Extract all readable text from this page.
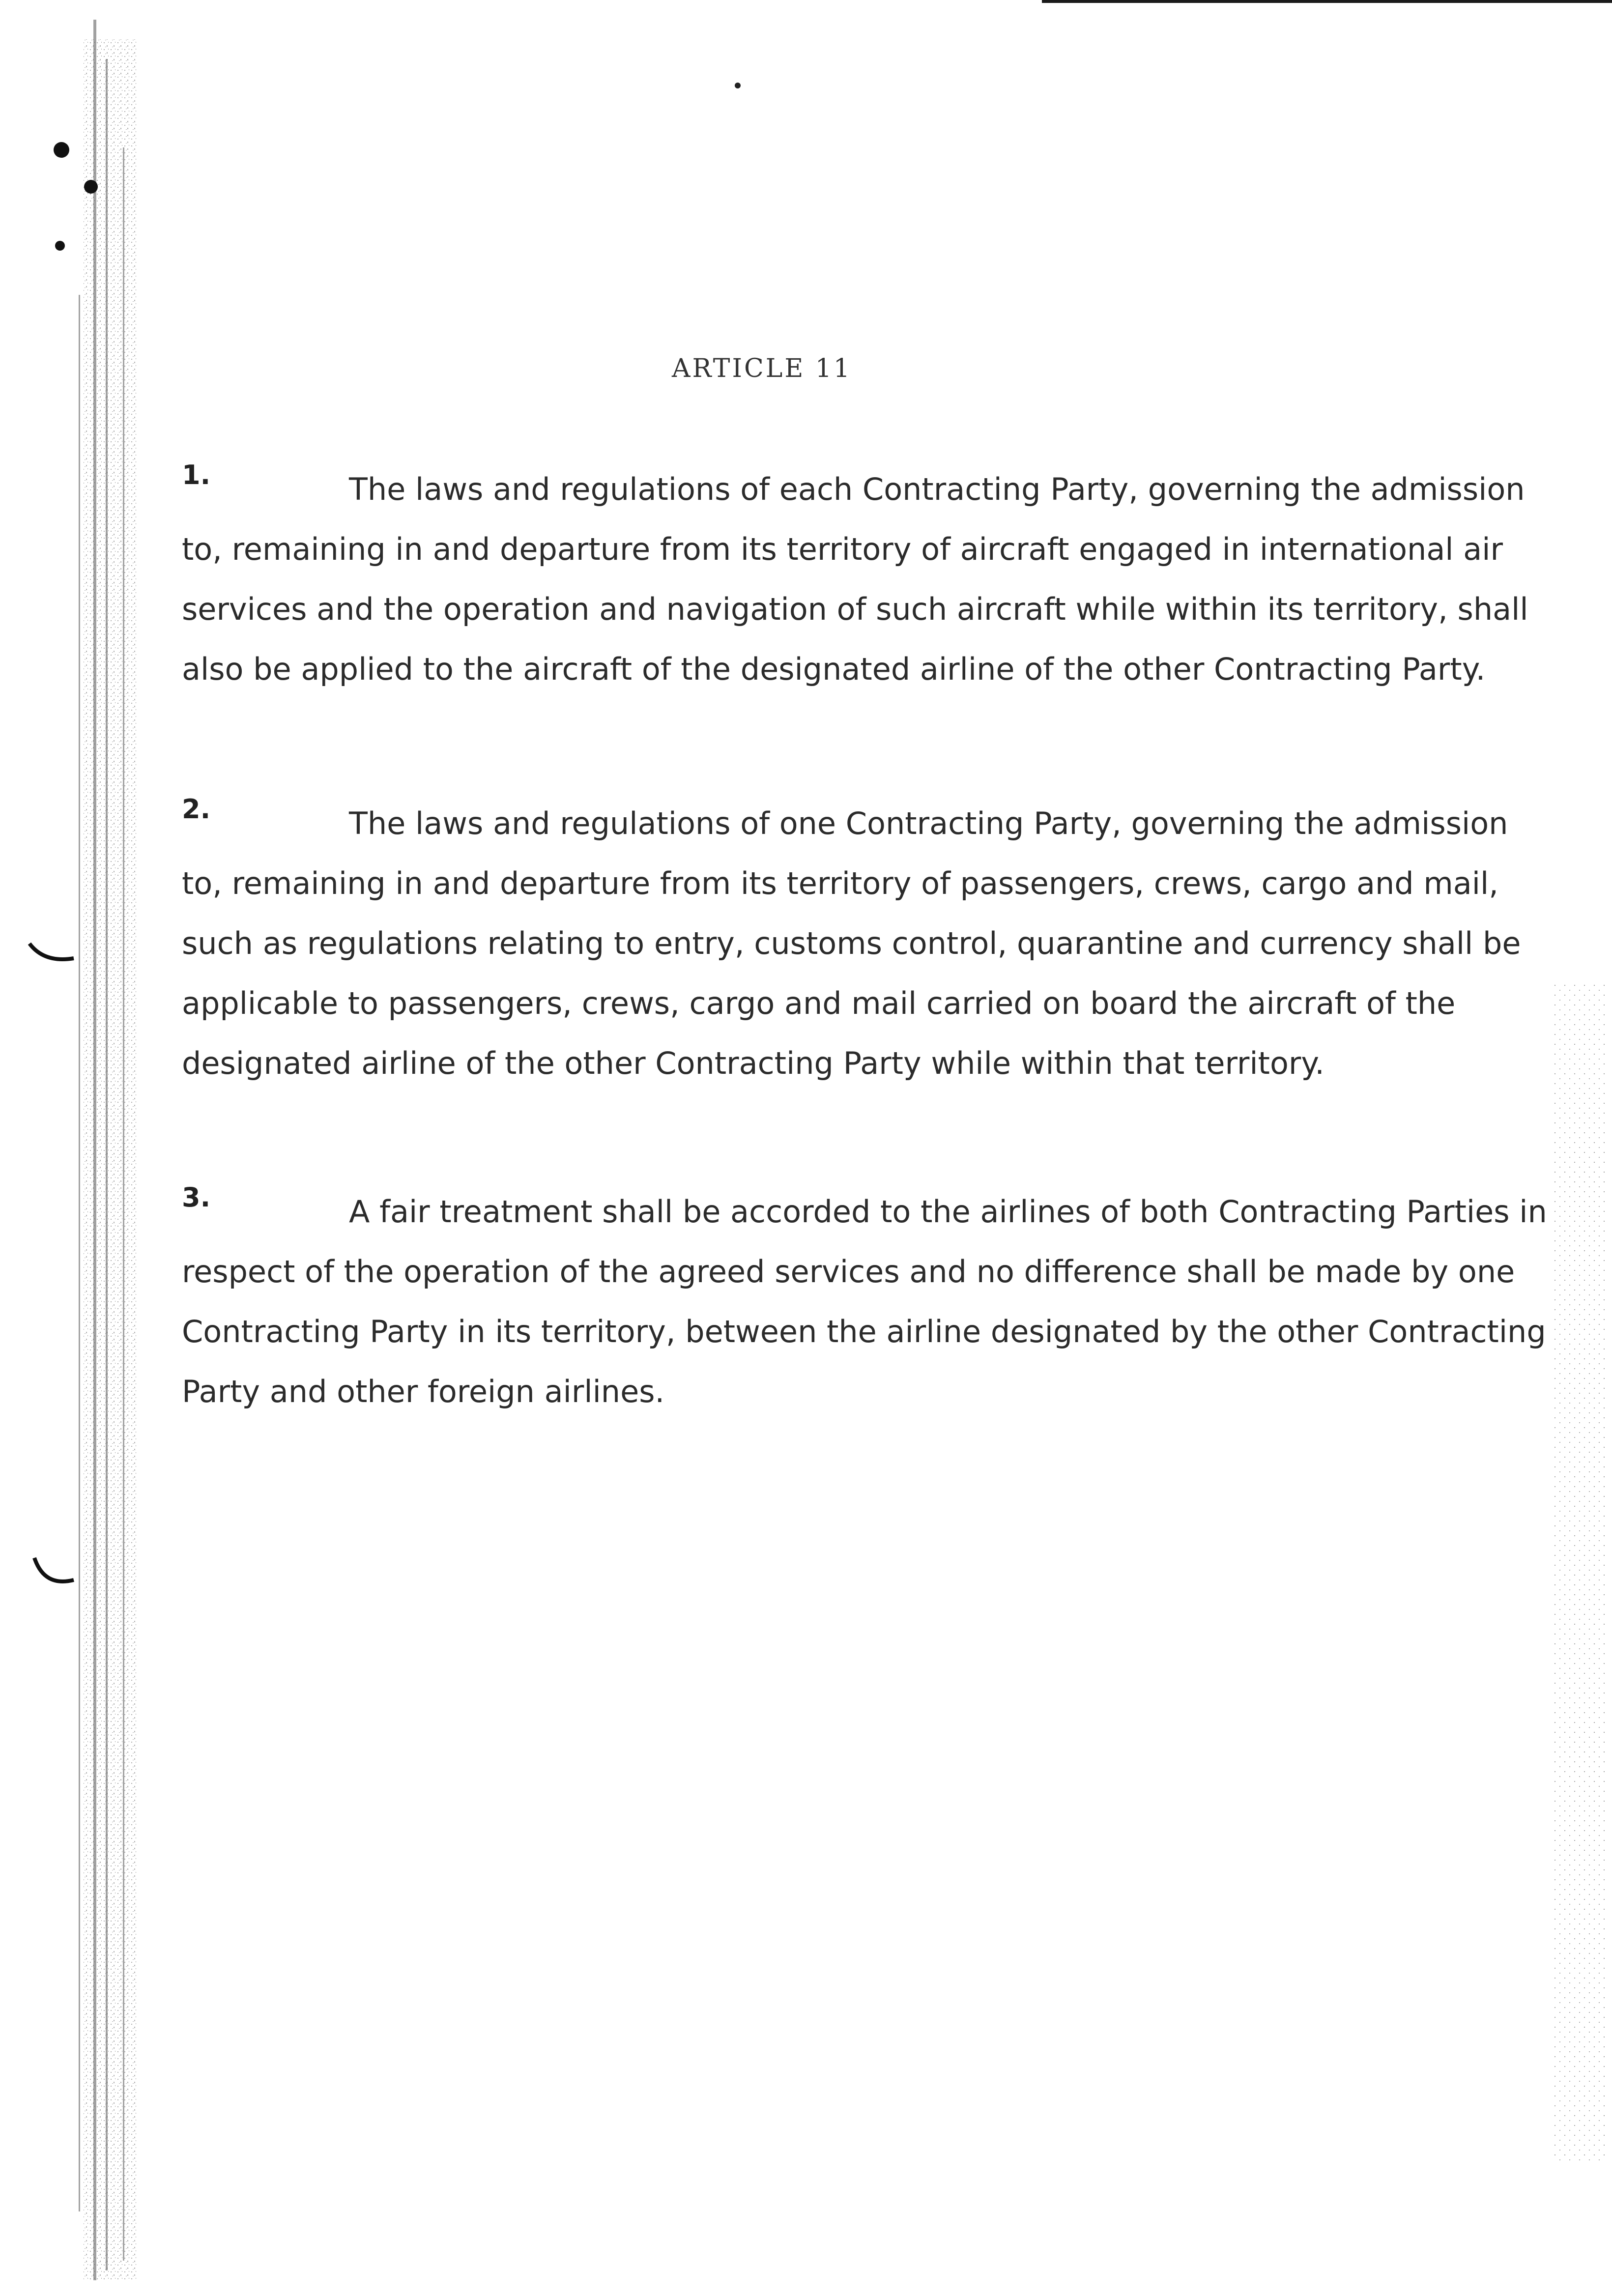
ARTICLE 11
1.	The laws and regulations of each Contracting Party, governing the admission to, remaining in and departure from its territory of aircraft engaged in international air services and the operation and navigation of such aircraft while within its territory, shall also be applied to the aircraft of the designated airline of the other Contracting Party.

2.	The laws and regulations of one Contracting Party, governing the admission to, remaining in and departure from its territory of passengers, crews, cargo and mail, such as regulations relating to entry, customs control, quarantine and currency shall be applicable to passengers, crews, cargo and mail carried on board the aircraft of the designated airline of the other Contracting Party while within that territory.

3.	A fair treatment shall be accorded to the airlines of both Contracting Parties in respect of the operation of the agreed services and no difference shall be made by one Contracting Party in its territory, between the airline designated by the other Contracting Party and other foreign airlines.
